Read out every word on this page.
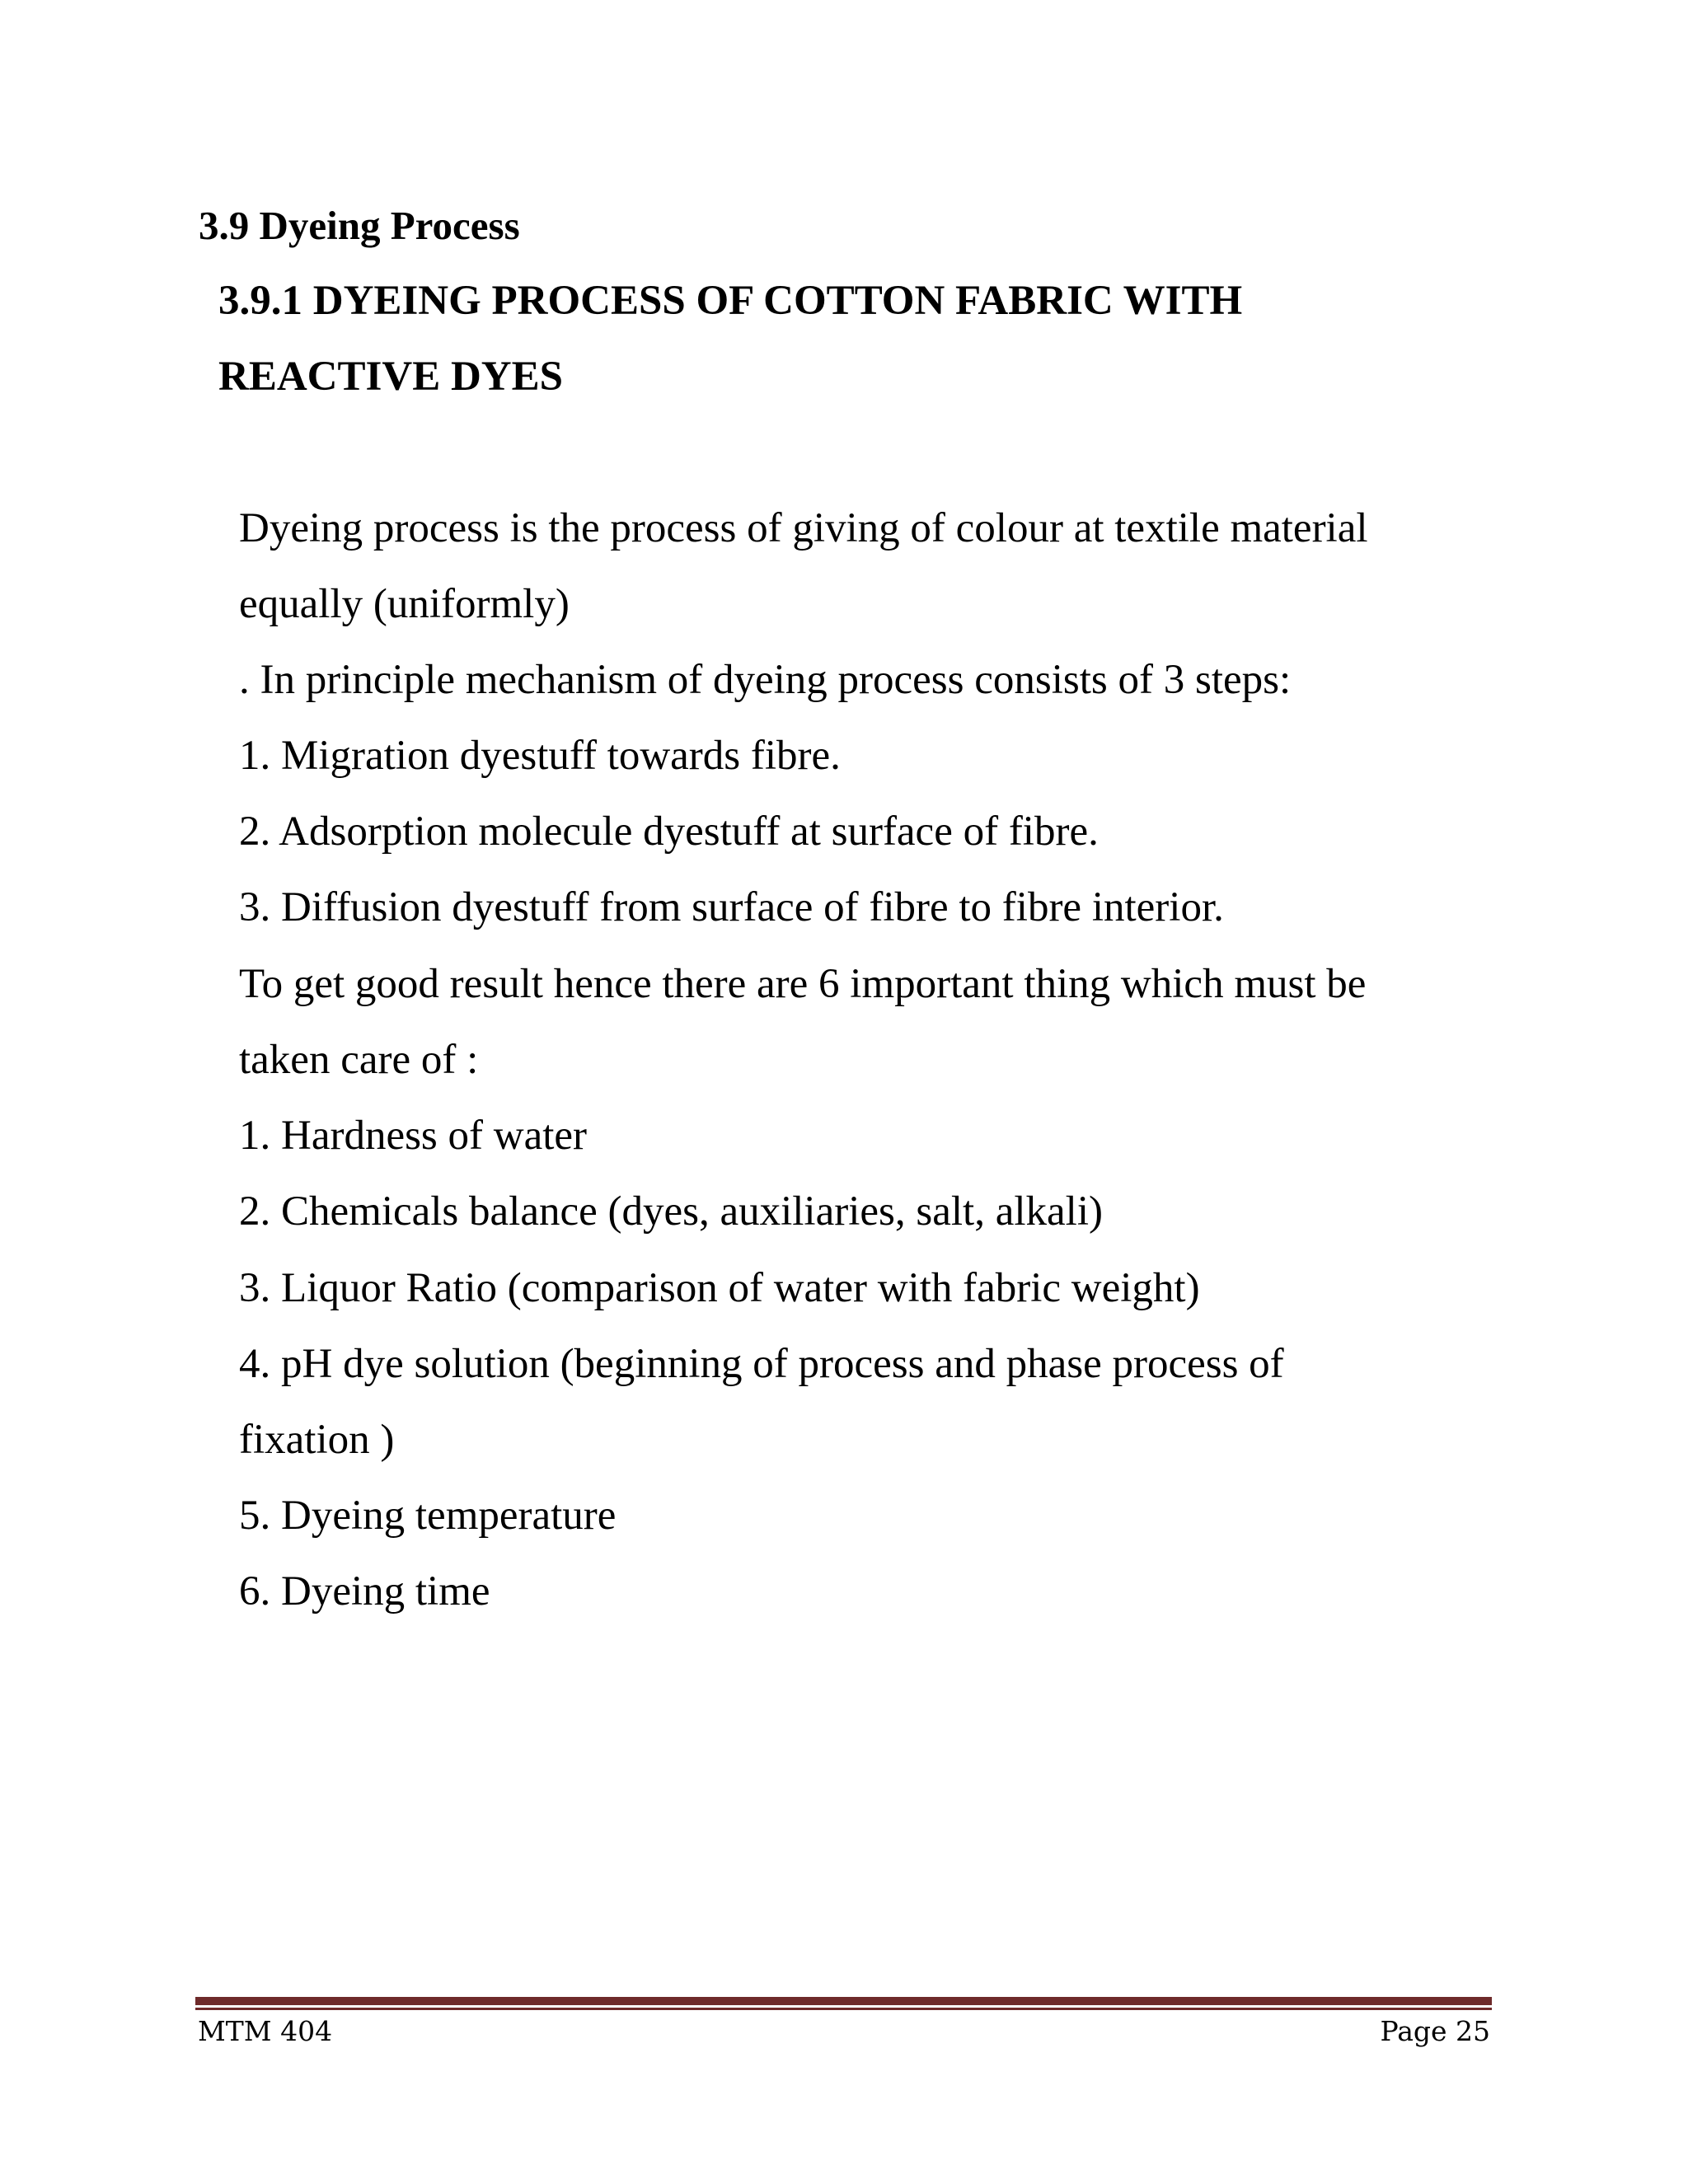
3.9 Dyeing Process
3.9.1 DYEING PROCESS OF COTTON FABRIC WITH
REACTIVE DYES

Dyeing process is the process of giving of colour at textile material

equally (uniformly)

. In principle mechanism of dyeing process consists of 3 steps:

1. Migration dyestuff towards fibre.

2. Adsorption molecule dyestuff at surface of fibre.

3. Diffusion dyestuff from surface of fibre to fibre interior.

To get good result hence there are 6 important thing which must be

taken care of :

1. Hardness of water

2. Chemicals balance (dyes, auxiliaries, salt, alkali)

3. Liquor Ratio (comparison of water with fabric weight)

4. pH dye solution (beginning of process and phase process of

fixation )

5. Dyeing temperature

6. Dyeing time

MTM 404	Page 25
